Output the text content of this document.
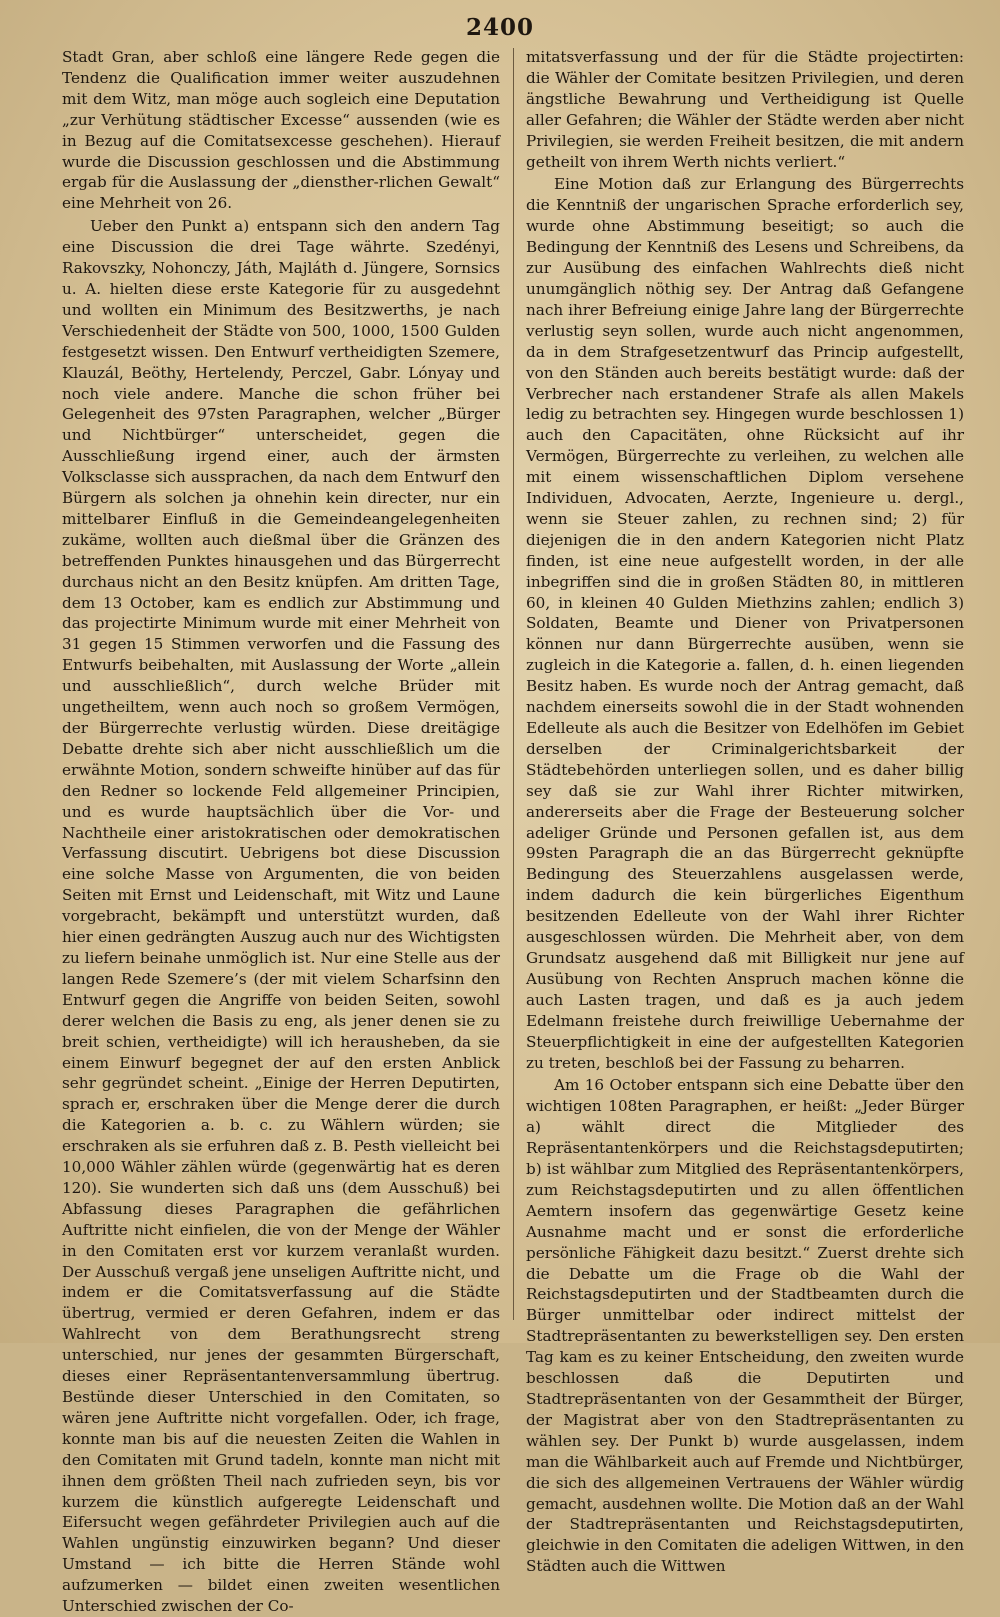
2400

Stadt Gran, aber schloß eine längere Rede gegen die Tendenz die Qualification immer weiter auszudehnen mit dem Witz, man möge auch sogleich eine Deputation „zur Verhütung städtischer Excesse“ aussenden (wie es in Bezug auf die Comitatsexcesse geschehen). Hierauf wurde die Discussion geschlossen und die Abstimmung ergab für die Auslassung der „diensther-rlichen Gewalt“ eine Mehrheit von 26.

Ueber den Punkt a) entspann sich den andern Tag eine Discussion die drei Tage währte. Szedényi, Rakovszky, Nohonczy, Játh, Majláth d. Jüngere, Sornsics u. A. hielten diese erste Kategorie für zu ausgedehnt und wollten ein Minimum des Besitzwerths, je nach Verschiedenheit der Städte von 500, 1000, 1500 Gulden festgesetzt wissen. Den Entwurf vertheidigten Szemere, Klauzál, Beöthy, Hertelendy, Perczel, Gabr. Lónyay und noch viele andere. Manche die schon früher bei Gelegenheit des 97sten Paragraphen, welcher „Bürger und Nichtbürger“ unterscheidet, gegen die Ausschließung irgend einer, auch der ärmsten Volksclasse sich aussprachen, da nach dem Entwurf den Bürgern als solchen ja ohnehin kein directer, nur ein mittelbarer Einfluß in die Gemeindeangelegenheiten zukäme, wollten auch dießmal über die Gränzen des betreffenden Punktes hinausgehen und das Bürgerrecht durchaus nicht an den Besitz knüpfen. Am dritten Tage, dem 13 October, kam es endlich zur Abstimmung und das projectirte Minimum wurde mit einer Mehrheit von 31 gegen 15 Stimmen verworfen und die Fassung des Entwurfs beibehalten, mit Auslassung der Worte „allein und ausschließlich“, durch welche Brüder mit ungetheiltem, wenn auch noch so großem Vermögen, der Bürgerrechte verlustig würden. Diese dreitägige Debatte drehte sich aber nicht ausschließlich um die erwähnte Motion, sondern schweifte hinüber auf das für den Redner so lockende Feld allgemeiner Principien, und es wurde hauptsächlich über die Vor- und Nachtheile einer aristokratischen oder demokratischen Verfassung discutirt. Uebrigens bot diese Discussion eine solche Masse von Argumenten, die von beiden Seiten mit Ernst und Leidenschaft, mit Witz und Laune vorgebracht, bekämpft und unterstützt wurden, daß hier einen gedrängten Auszug auch nur des Wichtigsten zu liefern beinahe unmöglich ist. Nur eine Stelle aus der langen Rede Szemere’s (der mit vielem Scharfsinn den Entwurf gegen die Angriffe von beiden Seiten, sowohl derer welchen die Basis zu eng, als jener denen sie zu breit schien, vertheidigte) will ich herausheben, da sie einem Einwurf begegnet der auf den ersten Anblick sehr gegründet scheint. „Einige der Herren Deputirten, sprach er, erschraken über die Menge derer die durch die Kategorien a. b. c. zu Wählern würden; sie erschraken als sie erfuhren daß z. B. Pesth vielleicht bei 10,000 Wähler zählen würde (gegenwärtig hat es deren 120). Sie wunderten sich daß uns (dem Ausschuß) bei Abfassung dieses Paragraphen die gefährlichen Auftritte nicht einfielen, die von der Menge der Wähler in den Comitaten erst vor kurzem veranlaßt wurden. Der Ausschuß vergaß jene unseligen Auftritte nicht, und indem er die Comitatsverfassung auf die Städte übertrug, vermied er deren Gefahren, indem er das Wahlrecht von dem Berathungsrecht streng unterschied, nur jenes der gesammten Bürgerschaft, dieses einer Repräsentantenversammlung übertrug. Bestünde dieser Unterschied in den Comitaten, so wären jene Auftritte nicht vorgefallen. Oder, ich frage, konnte man bis auf die neuesten Zeiten die Wahlen in den Comitaten mit Grund tadeln, konnte man nicht mit ihnen dem größten Theil nach zufrieden seyn, bis vor kurzem die künstlich aufgeregte Leidenschaft und Eifersucht wegen gefährdeter Privilegien auch auf die Wahlen ungünstig einzuwirken begann? Und dieser Umstand — ich bitte die Herren Stände wohl aufzumerken — bildet einen zweiten wesentlichen Unterschied zwischen der Co-

mitatsverfassung und der für die Städte projectirten: die Wähler der Comitate besitzen Privilegien, und deren ängstliche Bewahrung und Vertheidigung ist Quelle aller Gefahren; die Wähler der Städte werden aber nicht Privilegien, sie werden Freiheit besitzen, die mit andern getheilt von ihrem Werth nichts verliert.“

Eine Motion daß zur Erlangung des Bürgerrechts die Kenntniß der ungarischen Sprache erforderlich sey, wurde ohne Abstimmung beseitigt; so auch die Bedingung der Kenntniß des Lesens und Schreibens, da zur Ausübung des einfachen Wahlrechts dieß nicht unumgänglich nöthig sey. Der Antrag daß Gefangene nach ihrer Befreiung einige Jahre lang der Bürgerrechte verlustig seyn sollen, wurde auch nicht angenommen, da in dem Strafgesetzentwurf das Princip aufgestellt, von den Ständen auch bereits bestätigt wurde: daß der Verbrecher nach erstandener Strafe als allen Makels ledig zu betrachten sey. Hingegen wurde beschlossen 1) auch den Capacitäten, ohne Rücksicht auf ihr Vermögen, Bürgerrechte zu verleihen, zu welchen alle mit einem wissenschaftlichen Diplom versehene Individuen, Advocaten, Aerzte, Ingenieure u. dergl., wenn sie Steuer zahlen, zu rechnen sind; 2) für diejenigen die in den andern Kategorien nicht Platz finden, ist eine neue aufgestellt worden, in der alle inbegriffen sind die in großen Städten 80, in mittleren 60, in kleinen 40 Gulden Miethzins zahlen; endlich 3) Soldaten, Beamte und Diener von Privatpersonen können nur dann Bürgerrechte ausüben, wenn sie zugleich in die Kategorie a. fallen, d. h. einen liegenden Besitz haben. Es wurde noch der Antrag gemacht, daß nachdem einerseits sowohl die in der Stadt wohnenden Edelleute als auch die Besitzer von Edelhöfen im Gebiet derselben der Criminalgerichtsbarkeit der Städtebehörden unterliegen sollen, und es daher billig sey daß sie zur Wahl ihrer Richter mitwirken, andererseits aber die Frage der Besteuerung solcher adeliger Gründe und Personen gefallen ist, aus dem 99sten Paragraph die an das Bürgerrecht geknüpfte Bedingung des Steuerzahlens ausgelassen werde, indem dadurch die kein bürgerliches Eigenthum besitzenden Edelleute von der Wahl ihrer Richter ausgeschlossen würden. Die Mehrheit aber, von dem Grundsatz ausgehend daß mit Billigkeit nur jene auf Ausübung von Rechten Anspruch machen könne die auch Lasten tragen, und daß es ja auch jedem Edelmann freistehe durch freiwillige Uebernahme der Steuerpflichtigkeit in eine der aufgestellten Kategorien zu treten, beschloß bei der Fassung zu beharren.

Am 16 October entspann sich eine Debatte über den wichtigen 108ten Paragraphen, er heißt: „Jeder Bürger a) wählt direct die Mitglieder des Repräsentantenkörpers und die Reichstagsdeputirten; b) ist wählbar zum Mitglied des Repräsentantenkörpers, zum Reichstagsdeputirten und zu allen öffentlichen Aemtern insofern das gegenwärtige Gesetz keine Ausnahme macht und er sonst die erforderliche persönliche Fähigkeit dazu besitzt.“ Zuerst drehte sich die Debatte um die Frage ob die Wahl der Reichstagsdeputirten und der Stadtbeamten durch die Bürger unmittelbar oder indirect mittelst der Stadtrepräsentanten zu bewerkstelligen sey. Den ersten Tag kam es zu keiner Entscheidung, den zweiten wurde beschlossen daß die Deputirten und Stadtrepräsentanten von der Gesammtheit der Bürger, der Magistrat aber von den Stadtrepräsentanten zu wählen sey. Der Punkt b) wurde ausgelassen, indem man die Wählbarkeit auch auf Fremde und Nichtbürger, die sich des allgemeinen Vertrauens der Wähler würdig gemacht, ausdehnen wollte. Die Motion daß an der Wahl der Stadtrepräsentanten und Reichstagsdeputirten, gleichwie in den Comitaten die adeligen Wittwen, in den Städten auch die Wittwen
